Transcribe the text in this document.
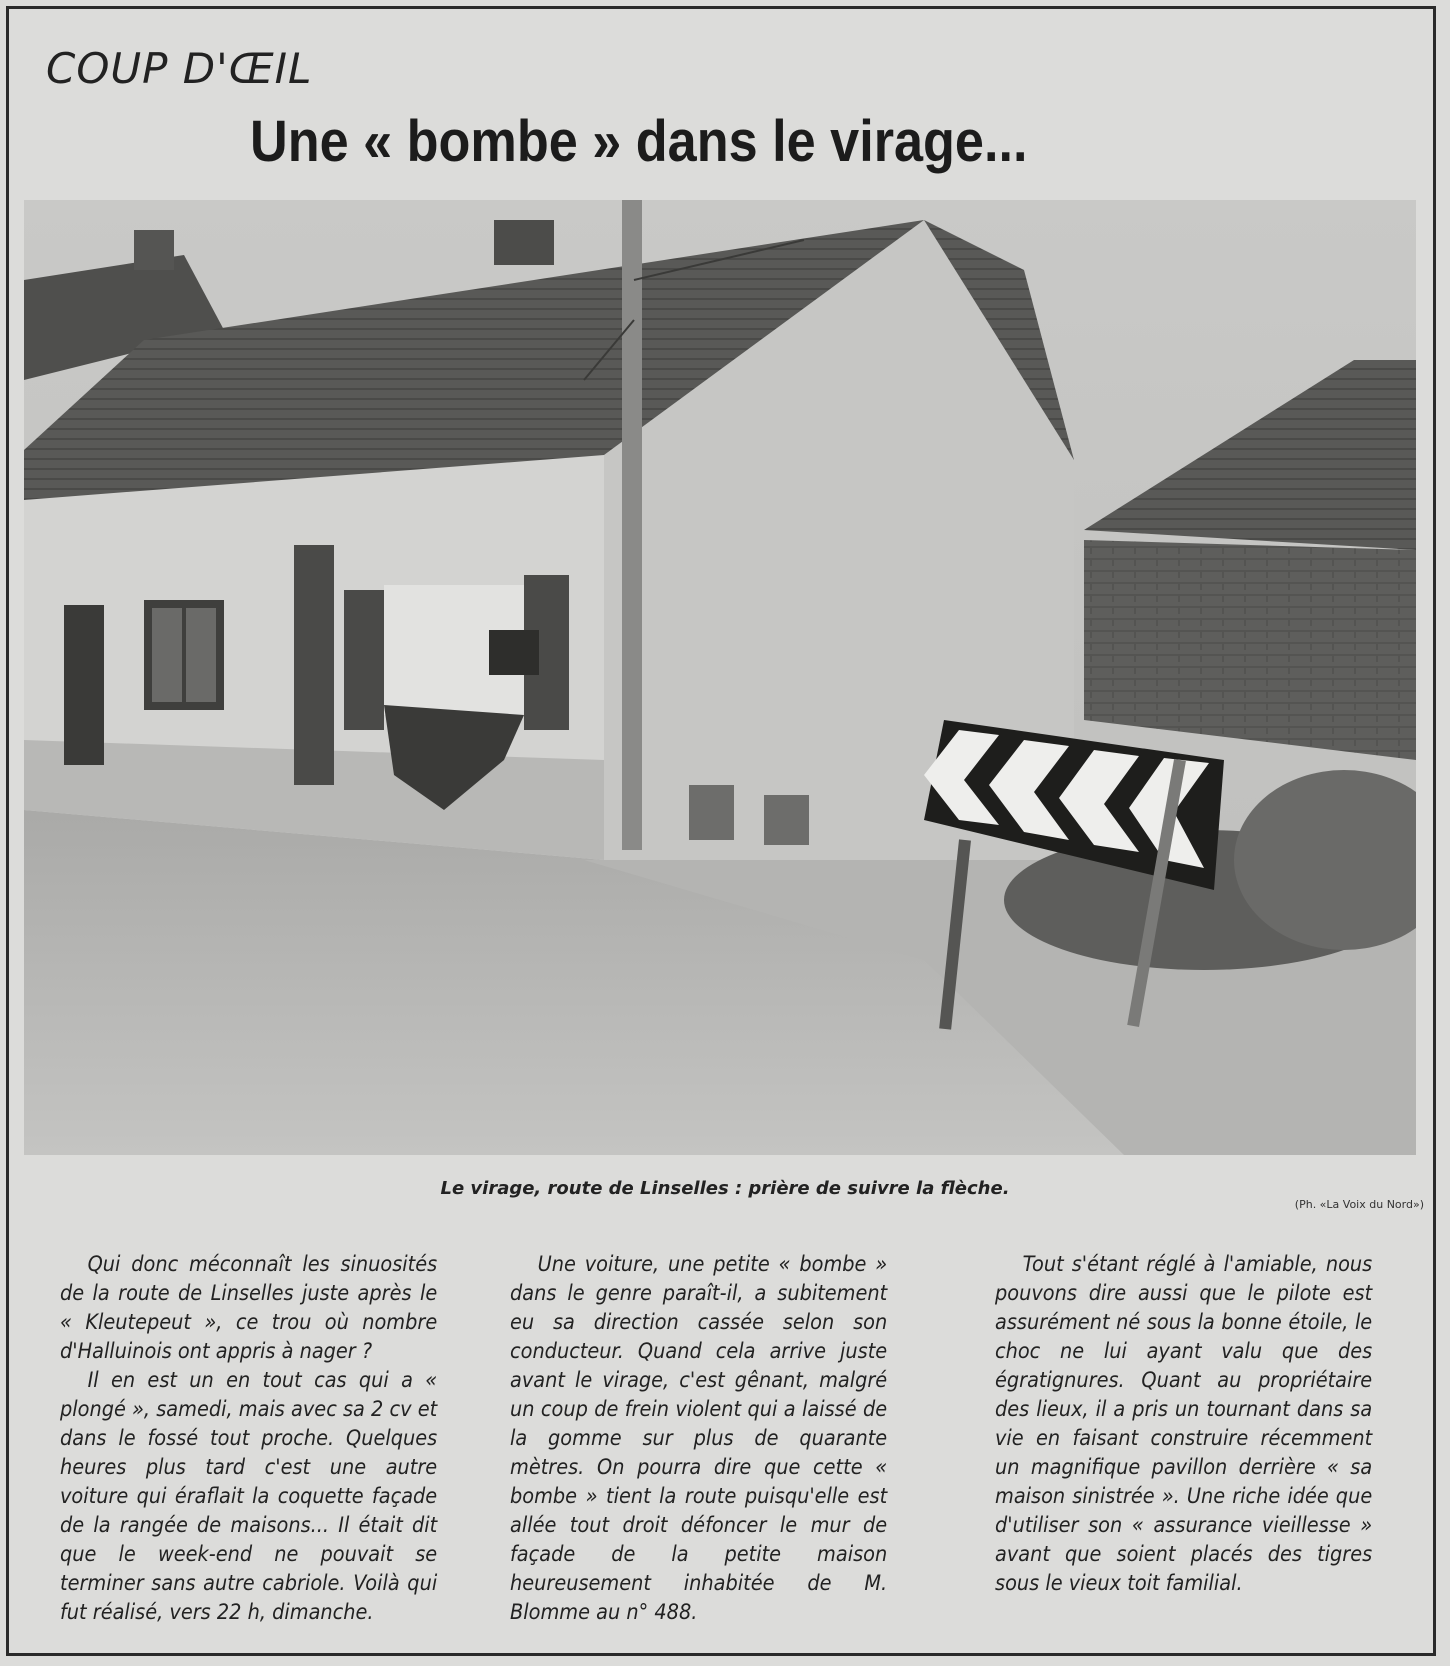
COUP D'ŒIL
Une « bombe » dans le virage...
Le virage, route de Linselles : prière de suivre la flèche.
(Ph. «La Voix du Nord»)

Qui donc méconnaît les sinuosités de la route de Linselles juste après le « Kleutepeut », ce trou où nombre d'Halluinois ont appris à nager ?

Il en est un en tout cas qui a « plongé », samedi, mais avec sa 2 cv et dans le fossé tout proche. Quelques heures plus tard c'est une autre voiture qui éraflait la coquette façade de la rangée de maisons... Il était dit que le week-end ne pouvait se terminer sans autre cabriole. Voilà qui fut réalisé, vers 22 h, dimanche.

Une voiture, une petite « bombe » dans le genre paraît-il, a subitement eu sa direction cassée selon son conducteur. Quand cela arrive juste avant le virage, c'est gênant, malgré un coup de frein violent qui a laissé de la gomme sur plus de quarante mètres. On pourra dire que cette « bombe » tient la route puisqu'elle est allée tout droit défoncer le mur de façade de la petite maison heureusement inhabitée de M. Blomme au n° 488.

Tout s'étant réglé à l'amiable, nous pouvons dire aussi que le pilote est assurément né sous la bonne étoile, le choc ne lui ayant valu que des égratignures. Quant au propriétaire des lieux, il a pris un tournant dans sa vie en faisant construire récemment un magnifique pavillon derrière « sa maison sinistrée ». Une riche idée que d'utiliser son « assurance vieillesse » avant que soient placés des tigres sous le vieux toit familial.
